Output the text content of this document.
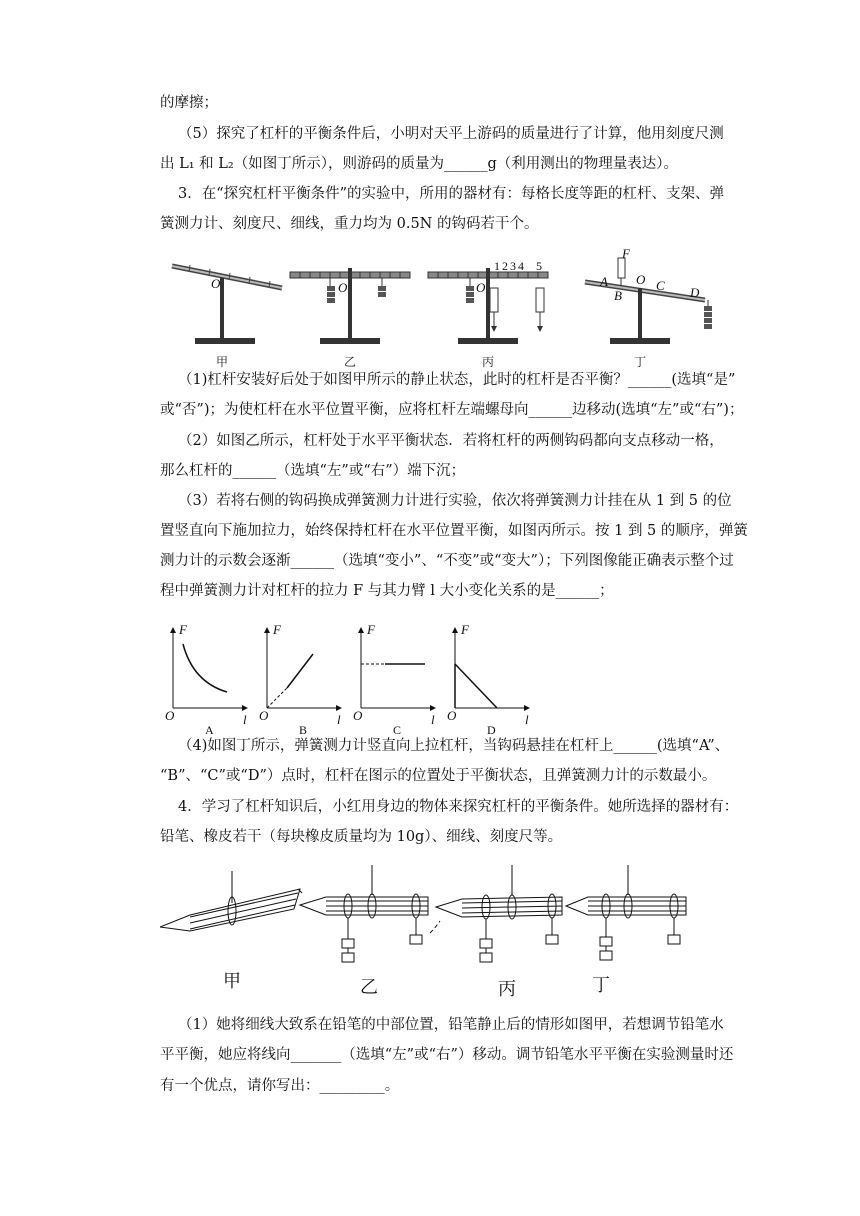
的摩擦；
（5）探究了杠杆的平衡条件后，小明对天平上游码的质量进行了计算，他用刻度尺测
出 L₁ 和 L₂（如图丁所示），则游码的质量为______g（利用测出的物理量表达）。
3．在“探究杠杆平衡条件”的实验中，所用的器材有：每格长度等距的杠杆、支架、弹
簧测力计、刻度尺、细线，重力均为 0.5N 的钩码若干个。
（1)杠杆安装好后处于如图甲所示的静止状态，此时的杠杆是否平衡？______(选填“是”
或“否”)；为使杠杆在水平位置平衡，应将杠杆左端螺母向______边移动(选填“左”或“右”)；
（2）如图乙所示，杠杆处于水平平衡状态．若将杠杆的两侧钩码都向支点移动一格，
那么杠杆的______（选填“左”或“右”）端下沉；
（3）若将右侧的钩码换成弹簧测力计进行实验，依次将弹簧测力计挂在从 1 到 5 的位
置竖直向下施加拉力，始终保持杠杆在水平位置平衡，如图丙所示。按 1 到 5 的顺序，弹簧
测力计的示数会逐渐______（选填“变小”、“不变”或“变大”）；下列图像能正确表示整个过
程中弹簧测力计对杠杆的拉力 F 与其力臂 l 大小变化关系的是______；
（4)如图丁所示，弹簧测力计竖直向上拉杠杆，当钩码悬挂在杠杆上______(选填“A”、
“B”、“C”或“D”）点时，杠杆在图示的位置处于平衡状态，且弹簧测力计的示数最小。
4．学习了杠杆知识后，小红用身边的物体来探究杠杆的平衡条件。她所选择的器材有：
铅笔、橡皮若干（每块橡皮质量均为 10g）、细线、刻度尺等。
（1）她将细线大致系在铅笔的中部位置，铅笔静止后的情形如图甲，若想调节铅笔水
平平衡，她应将线向_______（选填“左”或“右”）移动。调节铅笔水平平衡在实验测量时还
有一个优点，请你写出：_________。
O
甲
O
乙
1 2 3 4 5
O
丙
F
A O
B
C D
丁
F
l
O
A
F
l
O
B
F
l
O
C
F
l
O
D
甲	乙	丙	丁
